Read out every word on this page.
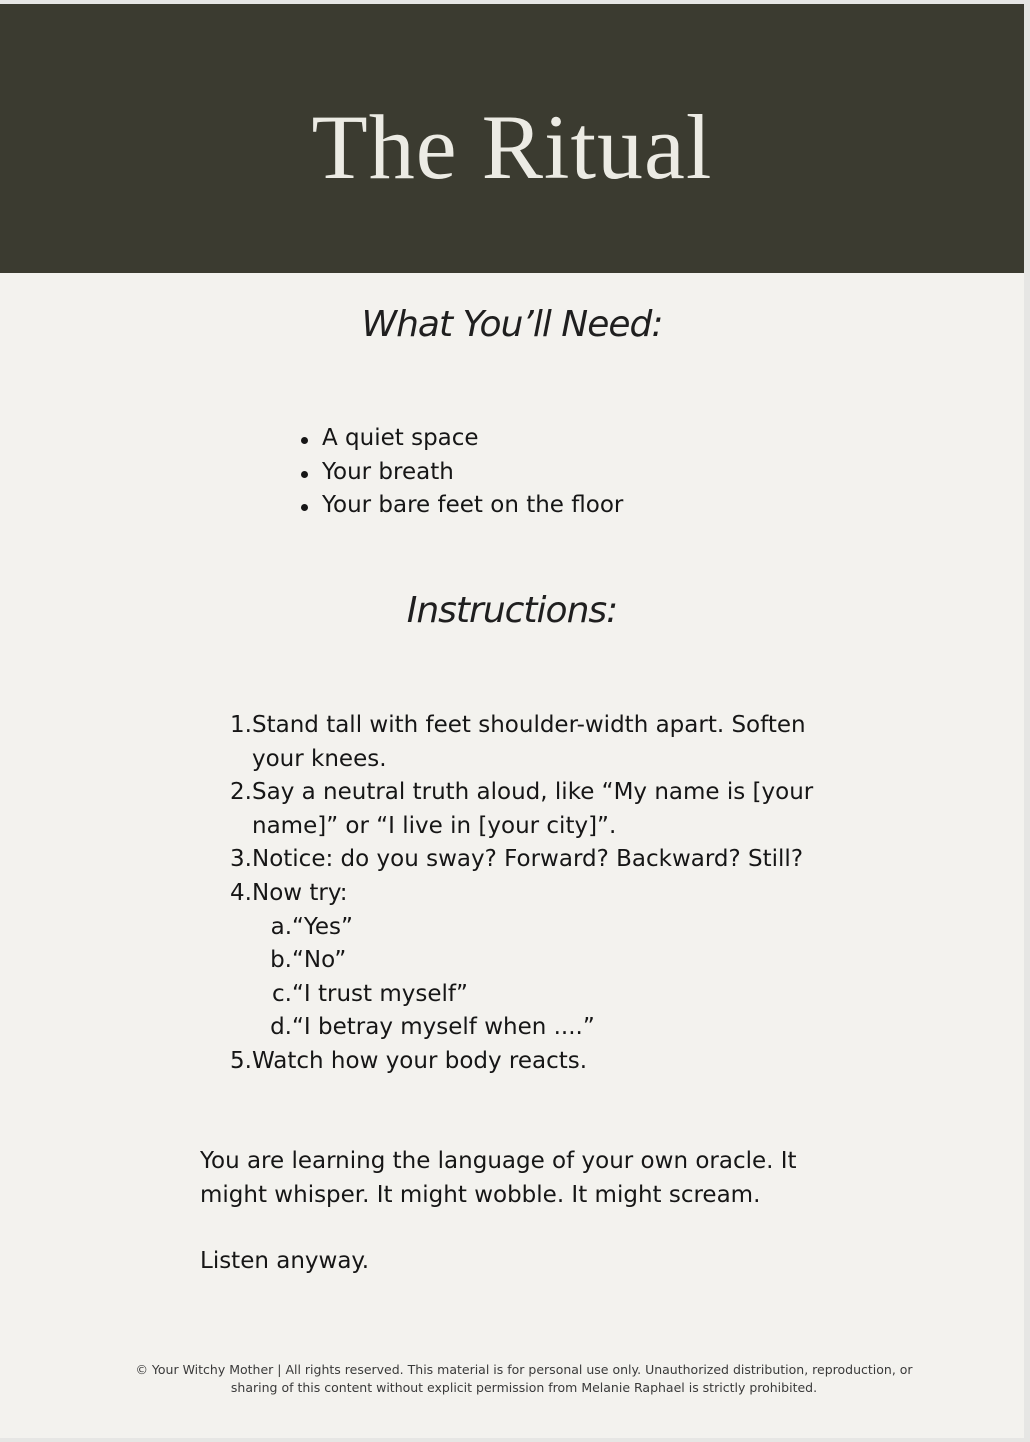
The Ritual
What You’ll Need:
A quiet space
Your breath
Your bare feet on the floor
Instructions:
1. Stand tall with feet shoulder-width apart. Soften your knees.
2. Say a neutral truth aloud, like “My name is [your name]” or “I live in [your city]”.
3. Notice: do you sway? Forward? Backward? Still?
4. Now try:
a. “Yes”
b. “No”
c. “I trust myself”
d. “I betray myself when ....”
5. Watch how your body reacts.

You are learning the language of your own oracle. It might whisper. It might wobble. It might scream.

Listen anyway.

© Your Witchy Mother | All rights reserved. This material is for personal use only. Unauthorized distribution, reproduction, or
sharing of this content without explicit permission from Melanie Raphael is strictly prohibited.
